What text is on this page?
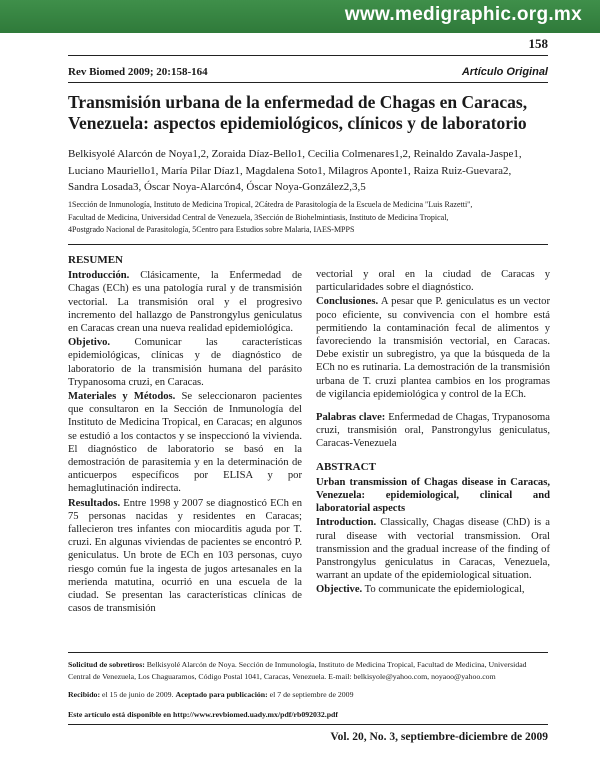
www.medigraphic.org.mx
158
Rev Biomed 2009; 20:158-164	Artículo Original
Transmisión urbana de la enfermedad de Chagas en Caracas,
Venezuela: aspectos epidemiológicos, clínicos y de laboratorio
Belkisyolé Alarcón de Noya1,2, Zoraida Díaz-Bello1, Cecilia Colmenares1,2, Reinaldo Zavala-Jaspe1,
Luciano Mauriello1, María Pilar Díaz1, Magdalena Soto1, Milagros Aponte1, Raiza Ruiz-Guevara2,
Sandra Losada3, Óscar Noya-Alarcón4, Óscar Noya-González2,3,5
1Sección de Inmunología, Instituto de Medicina Tropical, 2Cátedra de Parasitología de la Escuela de Medicina "Luis Razetti",
Facultad de Medicina, Universidad Central de Venezuela, 3Sección de Biohelmintiasis, Instituto de Medicina Tropical,
4Postgrado Nacional de Parasitología, 5Centro para Estudios sobre Malaria, IAES-MPPS

RESUMEN

Introducción. Clásicamente, la Enfermedad de Chagas (ECh) es una patología rural y de transmisión vectorial. La transmisión oral y el progresivo incremento del hallazgo de Panstrongylus geniculatus en Caracas crean una nueva realidad epidemiológica.

Objetivo. Comunicar las características epidemiológicas, clínicas y de diagnóstico de laboratorio de la transmisión humana del parásito Trypanosoma cruzi, en Caracas.

Materiales y Métodos. Se seleccionaron pacientes que consultaron en la Sección de Inmunología del Instituto de Medicina Tropical, en Caracas; en algunos se estudió a los contactos y se inspeccionó la vivienda. El diagnóstico de laboratorio se basó en la demostración de parasitemia y en la determinación de anticuerpos específicos por ELISA y por hemaglutinación indirecta.

Resultados. Entre 1998 y 2007 se diagnosticó ECh en 75 personas nacidas y residentes en Caracas; fallecieron tres infantes con miocarditis aguda por T. cruzi. En algunas viviendas de pacientes se encontró P. geniculatus. Un brote de ECh en 103 personas, cuyo riesgo común fue la ingesta de jugos artesanales en la merienda matutina, ocurrió en una escuela de la ciudad. Se presentan las características clínicas de casos de transmisión

vectorial y oral en la ciudad de Caracas y particularidades sobre el diagnóstico.

Conclusiones. A pesar que P. geniculatus es un vector poco eficiente, su convivencia con el hombre está permitiendo la contaminación fecal de alimentos y favoreciendo la transmisión vectorial, en Caracas. Debe existir un subregistro, ya que la búsqueda de la ECh no es rutinaria. La demostración de la transmisión urbana de T. cruzi plantea cambios en los programas de vigilancia epidemiológica y control de la ECh.

Palabras clave: Enfermedad de Chagas, Trypanosoma cruzi, transmisión oral, Panstrongylus geniculatus, Caracas-Venezuela

ABSTRACT

Urban transmission of Chagas disease in Caracas, Venezuela: epidemiological, clinical and laboratorial aspects

Introduction. Classically, Chagas disease (ChD) is a rural disease with vectorial transmission. Oral transmission and the gradual increase of the finding of Panstrongylus geniculatus in Caracas, Venezuela, warrant an update of the epidemiological situation.

Objective. To communicate the epidemiological,

Solicitud de sobretiros: Belkisyolé Alarcón de Noya. Sección de Inmunología, Instituto de Medicina Tropical, Facultad de Medicina, Universidad Central de Venezuela, Los Chaguaramos, Código Postal 1041, Caracas, Venezuela. E-mail: belkisyole@yahoo.com, noyaoo@yahoo.com

Recibido: el 15 de junio de 2009. Aceptado para publicación: el 7 de septiembre de 2009
Este artículo está disponible en http://www.revbiomed.uady.mx/pdf/rb092032.pdf
Vol. 20, No. 3, septiembre-diciembre de 2009
